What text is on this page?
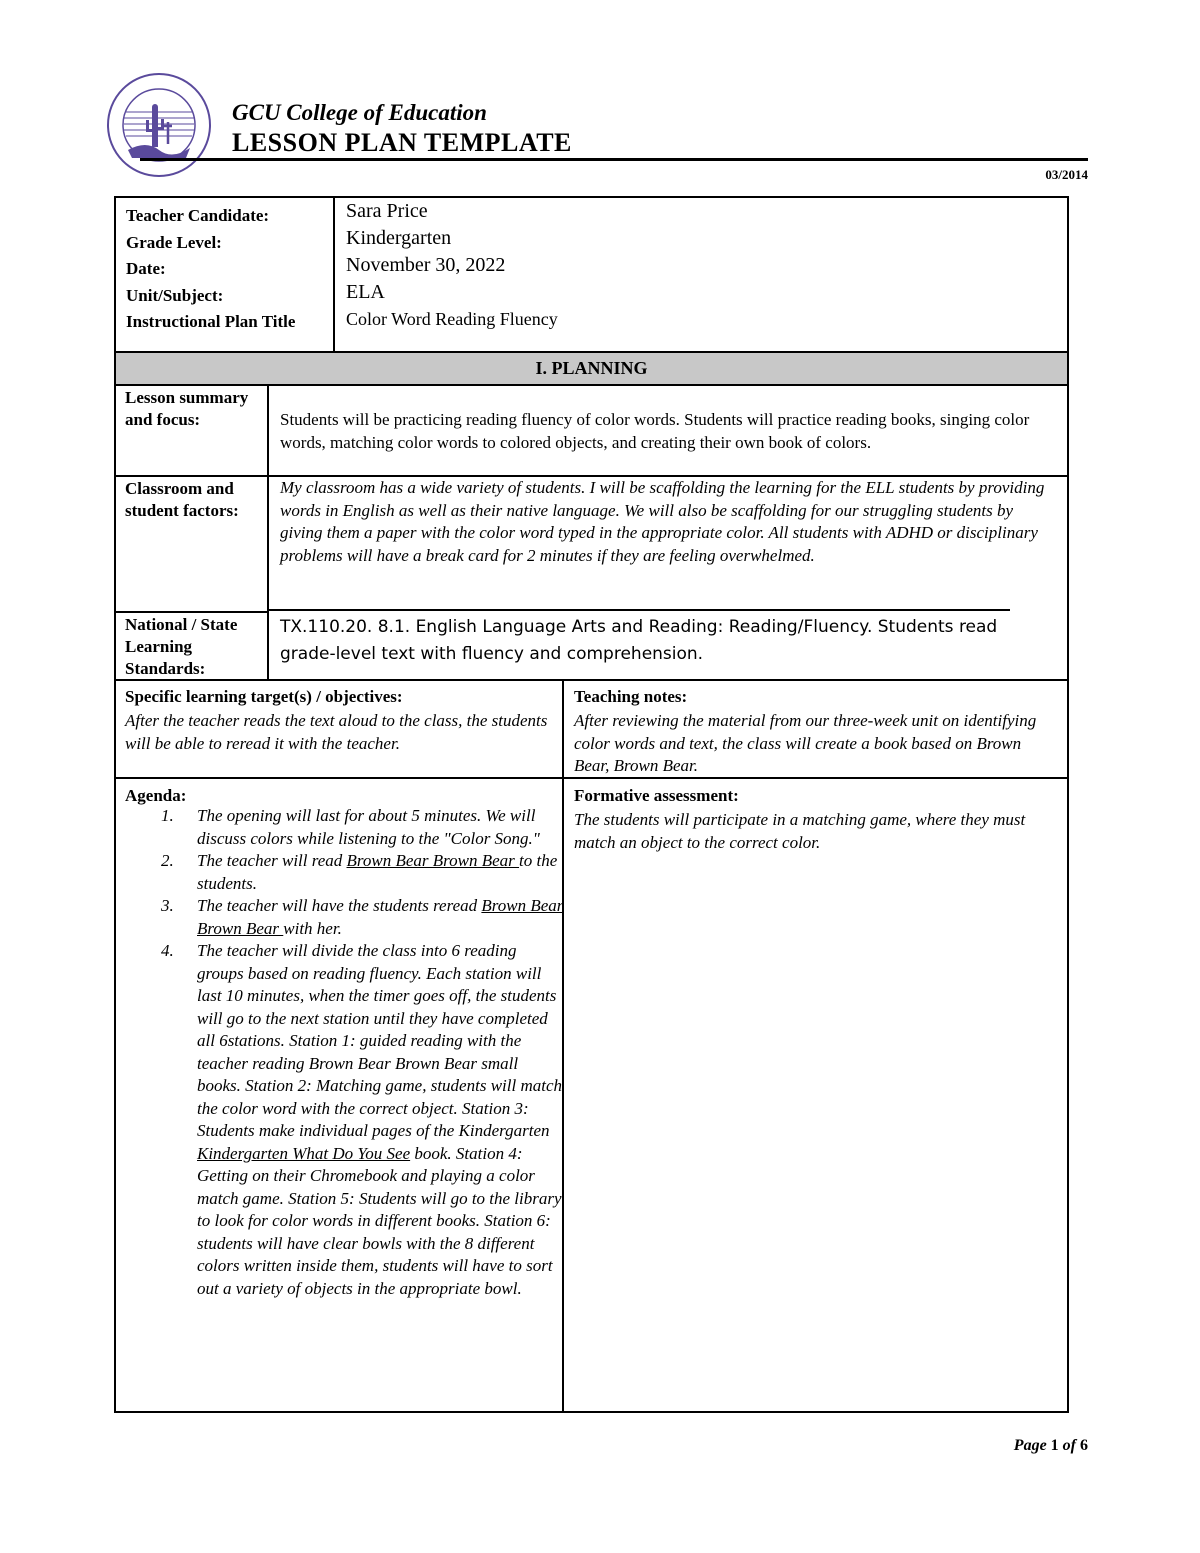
GCU College of Education
LESSON PLAN TEMPLATE
03/2014
Teacher Candidate:
Grade Level:
Date:
Unit/Subject:
Instructional Plan Title
Sara Price
Kindergarten
November 30, 2022
ELA
Color Word Reading Fluency
I. PLANNING
Lesson summary and focus:	Students will be practicing reading fluency of color words. Students will practice reading books, singing color words, matching color words to colored objects, and creating their own book of colors.
Classroom and student factors:
My classroom has a wide variety of students. I will be scaffolding the learning for the ELL students by providing words in English as well as their native language. We will also be scaffolding for our struggling students by giving them a paper with the color word typed in the appropriate color. All students with ADHD or disciplinary problems will have a break card for 2 minutes if they are feeling overwhelmed.
National / State Learning Standards:
TX.110.20. 8.1. English Language Arts and Reading: Reading/Fluency. Students read grade-level text with fluency and comprehension.
Specific learning target(s) / objectives:
After the teacher reads the text aloud to the class, the students will be able to reread it with the teacher.
Teaching notes:
After reviewing the material from our three-week unit on identifying color words and text, the class will create a book based on Brown Bear, Brown Bear.
Agenda:
1. The opening will last for about 5 minutes. We will discuss colors while listening to the "Color Song."
2. The teacher will read Brown Bear Brown Bear to the students.
3. The teacher will have the students reread Brown Bear Brown Bear with her.
4. The teacher will divide the class into 6 reading groups based on reading fluency. Each station will last 10 minutes, when the timer goes off, the students will go to the next station until they have completed all 6stations. Station 1: guided reading with the teacher reading Brown Bear Brown Bear small books. Station 2: Matching game, students will match the color word with the correct object. Station 3: Students make individual pages of the Kindergarten Kindergarten What Do You See book. Station 4: Getting on their Chromebook and playing a color match game. Station 5: Students will go to the library to look for color words in different books. Station 6: students will have clear bowls with the 8 different colors written inside them, students will have to sort out a variety of objects in the appropriate bowl.
Formative assessment:
The students will participate in a matching game, where they must match an object to the correct color.
Page 1 of 6
